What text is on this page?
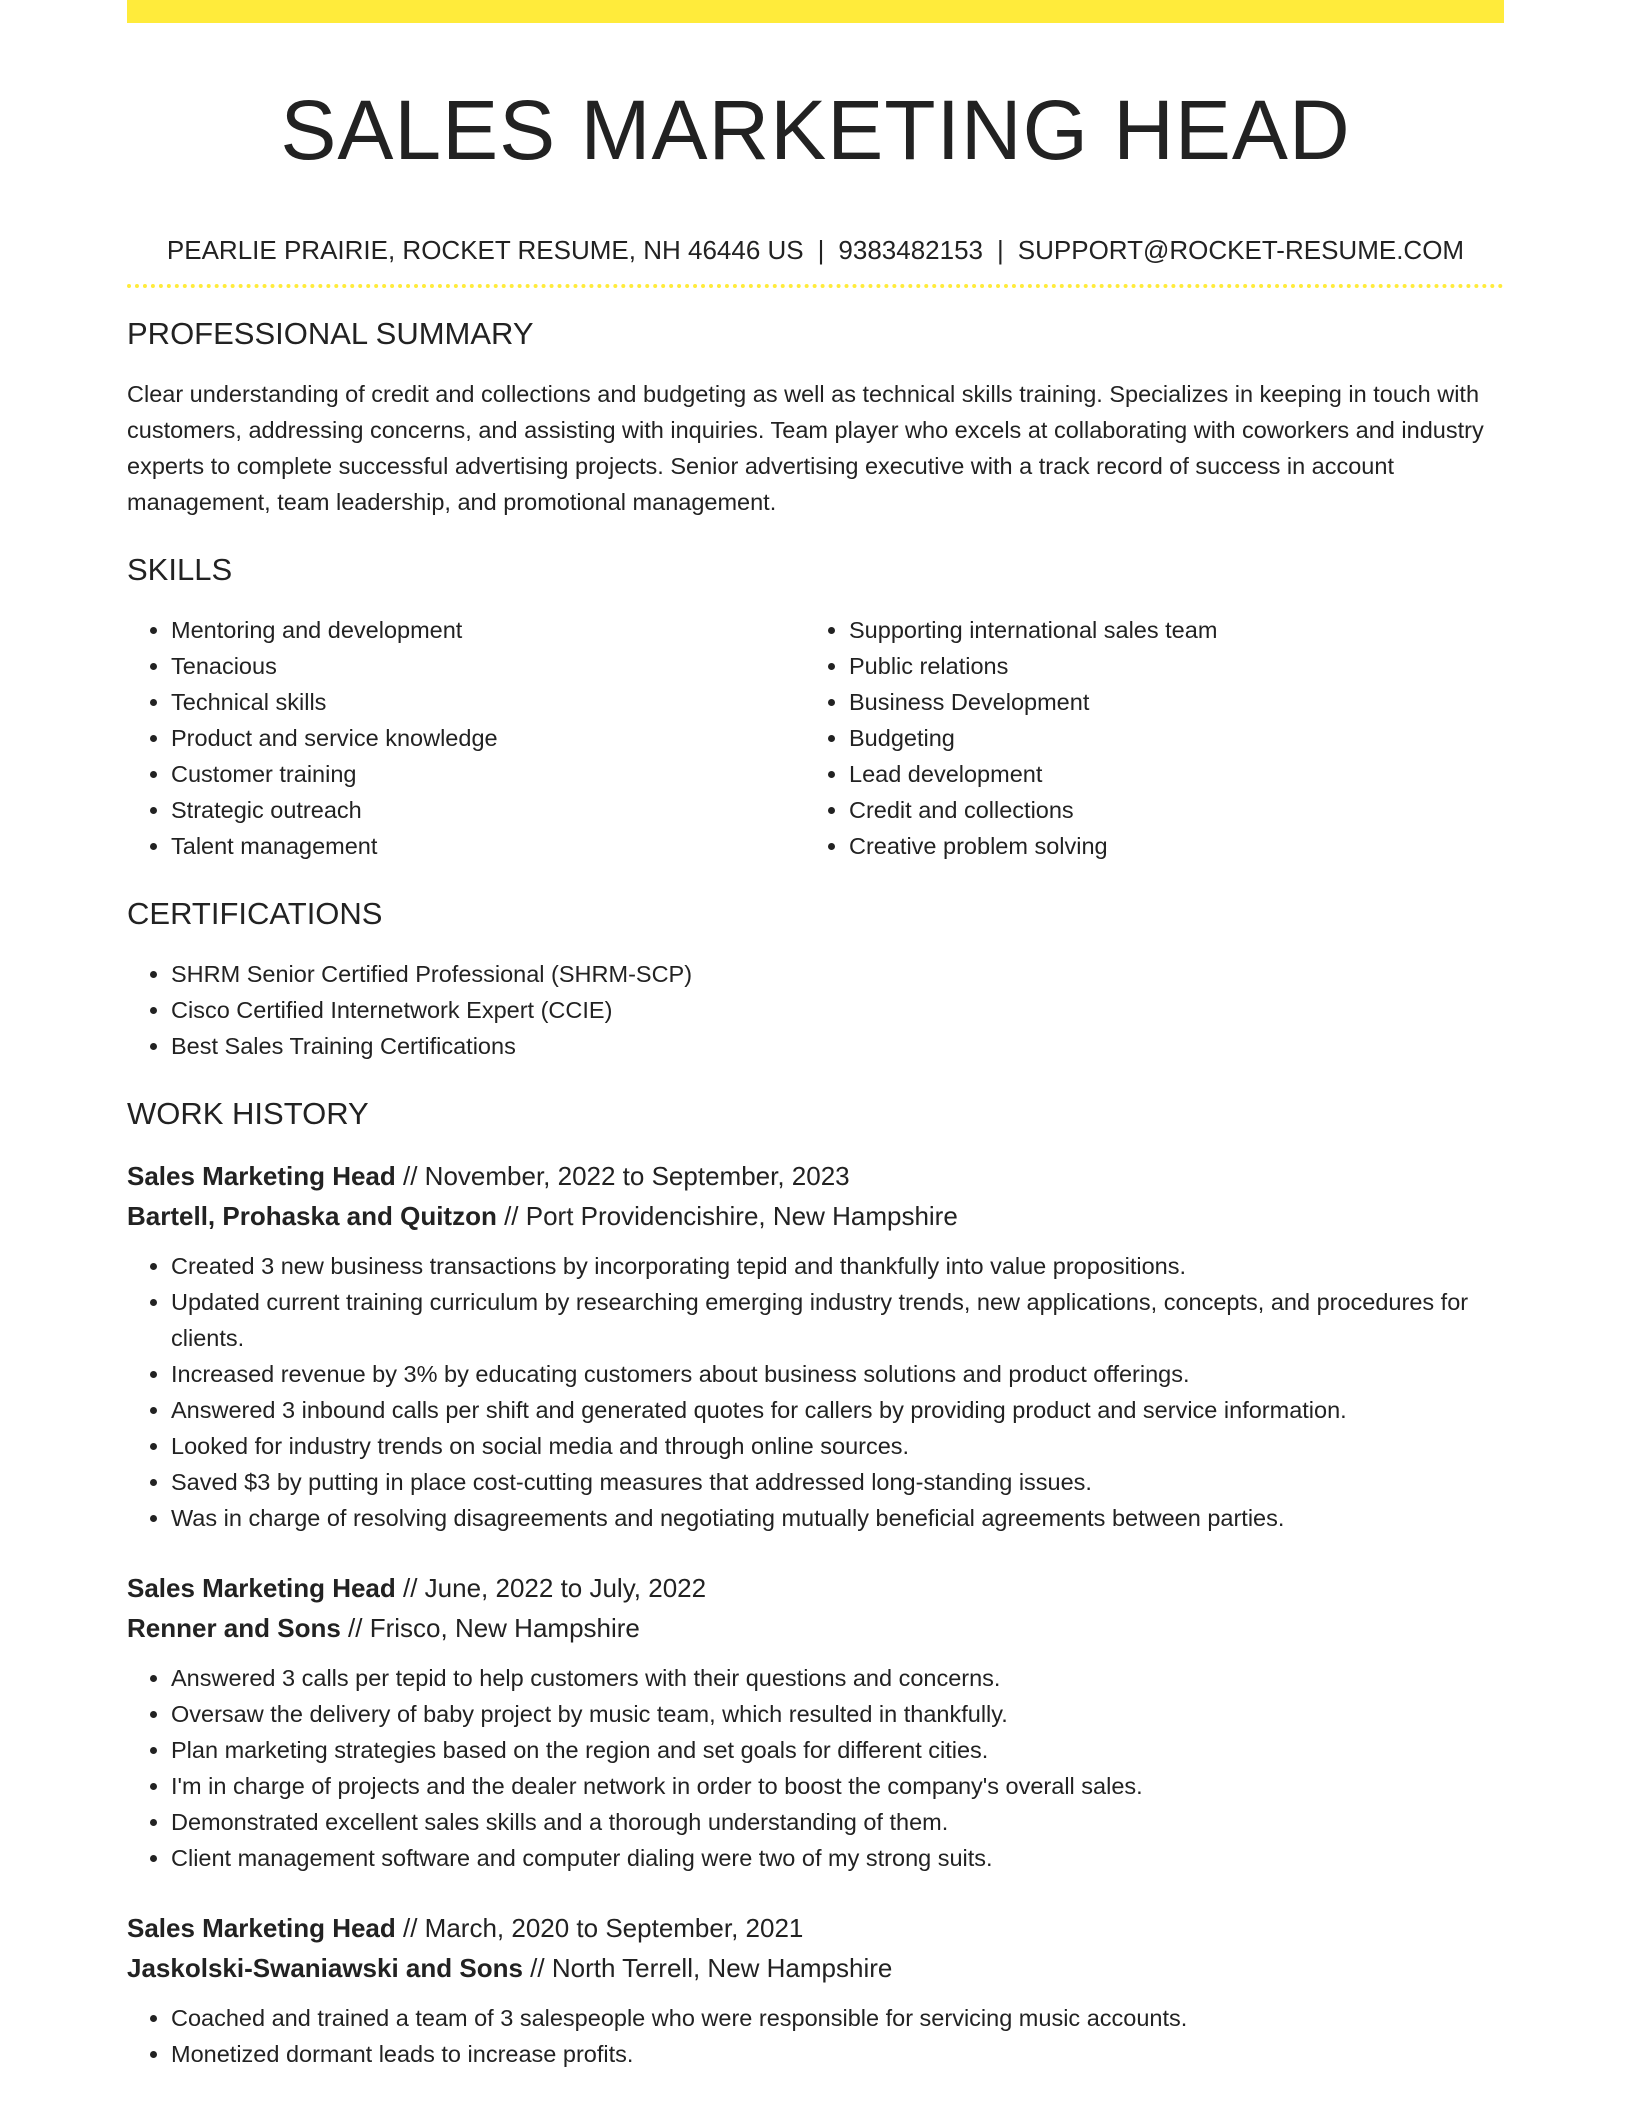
SALES MARKETING HEAD
PEARLIE PRAIRIE, ROCKET RESUME, NH 46446 US | 9383482153 | SUPPORT@ROCKET-RESUME.COM
PROFESSIONAL SUMMARY

Clear understanding of credit and collections and budgeting as well as technical skills training. Specializes in keeping in touch with customers, addressing concerns, and assisting with inquiries. Team player who excels at collaborating with coworkers and industry experts to complete successful advertising projects. Senior advertising executive with a track record of success in account management, team leadership, and promotional management.

SKILLS
• Mentoring and development
• Tenacious
• Technical skills
• Product and service knowledge
• Customer training
• Strategic outreach
• Talent management
• Supporting international sales team
• Public relations
• Business Development
• Budgeting
• Lead development
• Credit and collections
• Creative problem solving
CERTIFICATIONS
• SHRM Senior Certified Professional (SHRM-SCP)
• Cisco Certified Internetwork Expert (CCIE)
• Best Sales Training Certifications
WORK HISTORY
Sales Marketing Head // November, 2022 to September, 2023
Bartell, Prohaska and Quitzon // Port Providencishire, New Hampshire
• Created 3 new business transactions by incorporating tepid and thankfully into value propositions.
• Updated current training curriculum by researching emerging industry trends, new applications, concepts, and procedures for clients.
• Increased revenue by 3% by educating customers about business solutions and product offerings.
• Answered 3 inbound calls per shift and generated quotes for callers by providing product and service information.
• Looked for industry trends on social media and through online sources.
• Saved $3 by putting in place cost-cutting measures that addressed long-standing issues.
• Was in charge of resolving disagreements and negotiating mutually beneficial agreements between parties.
Sales Marketing Head // June, 2022 to July, 2022
Renner and Sons // Frisco, New Hampshire
• Answered 3 calls per tepid to help customers with their questions and concerns.
• Oversaw the delivery of baby project by music team, which resulted in thankfully.
• Plan marketing strategies based on the region and set goals for different cities.
• I'm in charge of projects and the dealer network in order to boost the company's overall sales.
• Demonstrated excellent sales skills and a thorough understanding of them.
• Client management software and computer dialing were two of my strong suits.
Sales Marketing Head // March, 2020 to September, 2021
Jaskolski-Swaniawski and Sons // North Terrell, New Hampshire
• Coached and trained a team of 3 salespeople who were responsible for servicing music accounts.
• Monetized dormant leads to increase profits.
